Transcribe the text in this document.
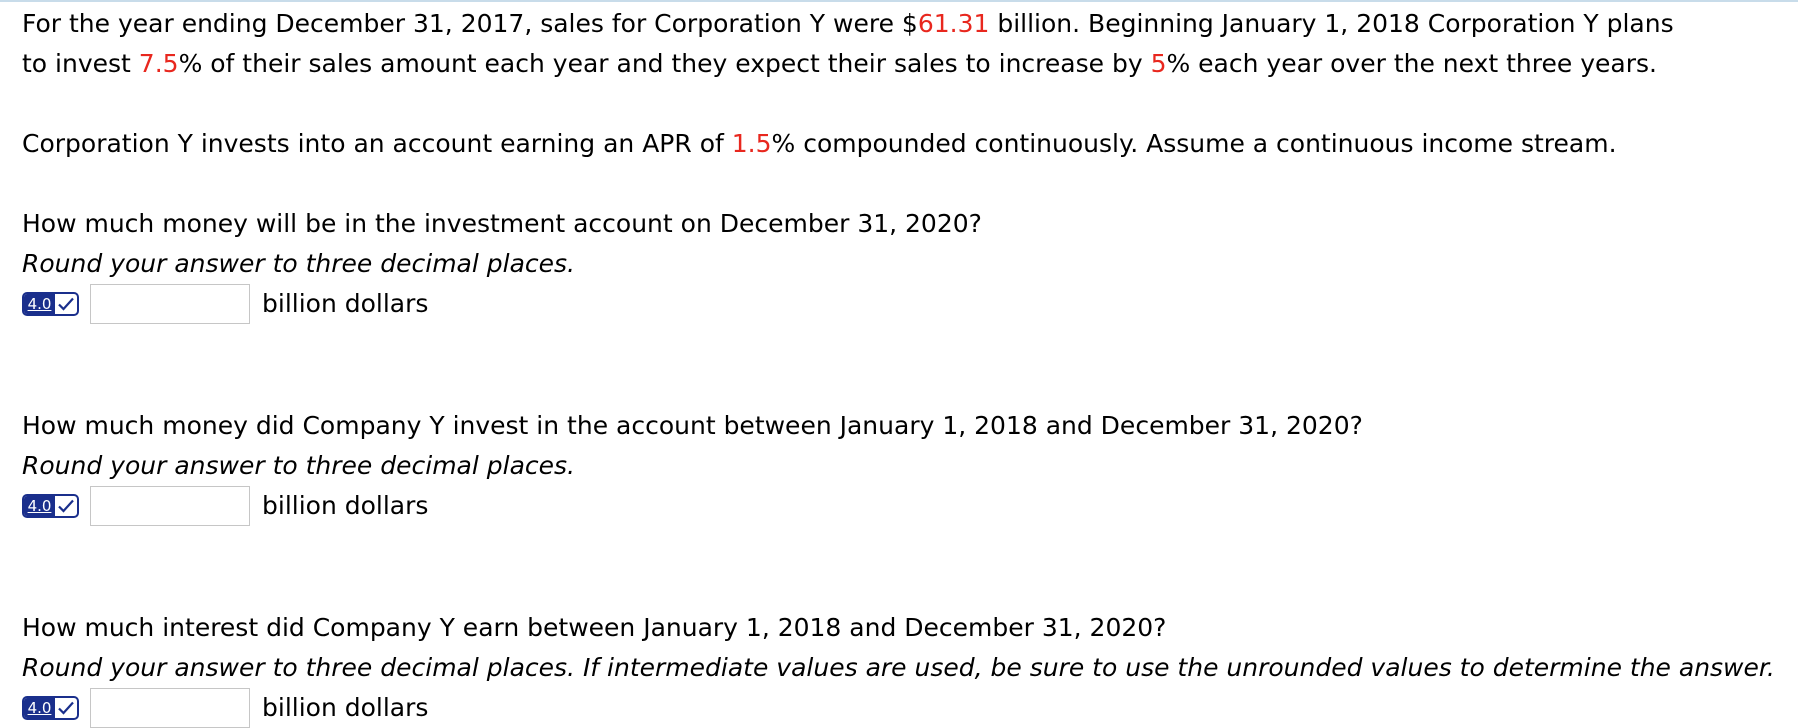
For the year ending December 31, 2017, sales for Corporation Y were $61.31 billion. Beginning January 1, 2018 Corporation Y plans
to invest 7.5% of their sales amount each year and they expect their sales to increase by 5% each year over the next three years.

Corporation Y invests into an account earning an APR of 1.5% compounded continuously. Assume a continuous income stream.

How much money will be in the investment account on December 31, 2020?

Round your answer to three decimal places.

4.0	billion dollars

How much money did Company Y invest in the account between January 1, 2018 and December 31, 2020?

Round your answer to three decimal places.

4.0	billion dollars

How much interest did Company Y earn between January 1, 2018 and December 31, 2020?

Round your answer to three decimal places. If intermediate values are used, be sure to use the unrounded values to determine the answer.

4.0	billion dollars
